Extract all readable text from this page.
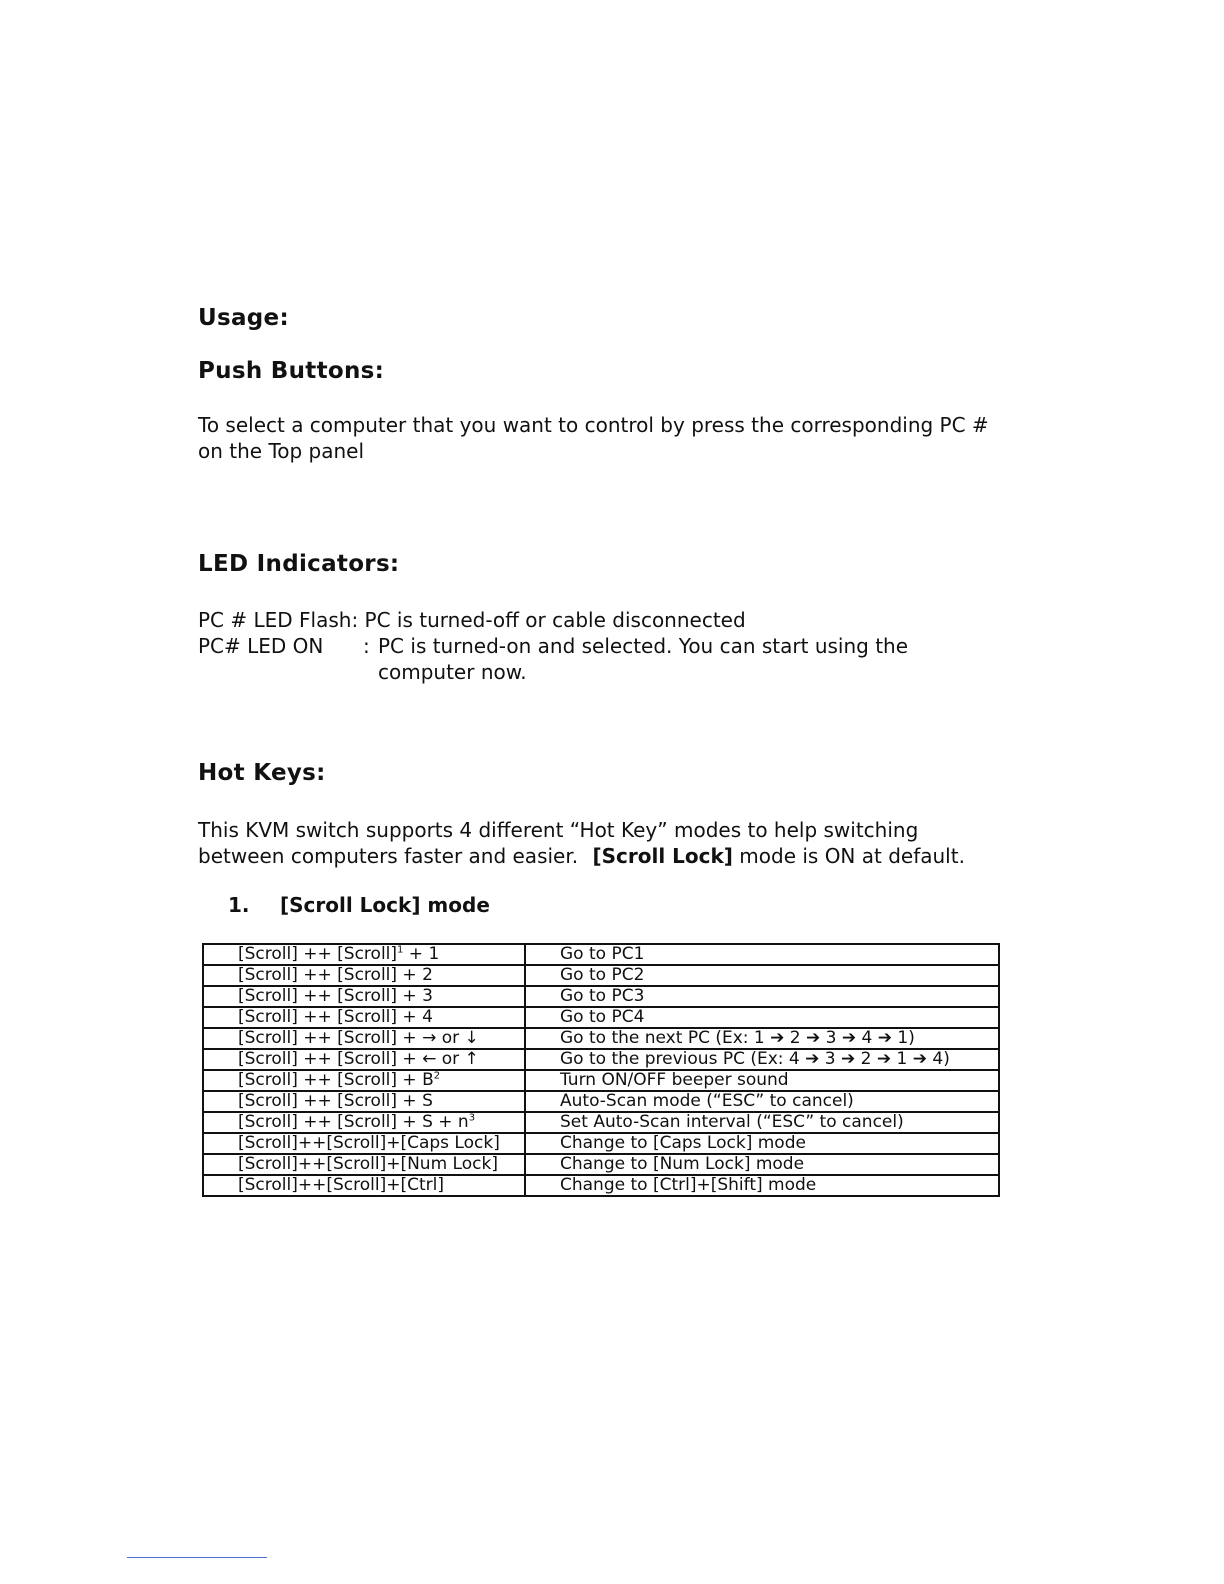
Usage:
Push Buttons:
To select a computer that you want to control by press the corresponding PC #
on the Top panel
LED Indicators:
PC # LED Flash: PC is turned-off or cable disconnected
PC# LED ON : PC is turned-on and selected. You can start using the
computer now.
Hot Keys:
This KVM switch supports 4 different “Hot Key” modes to help switching
between computers faster and easier. [Scroll Lock] mode is ON at default.
1. [Scroll Lock] mode
[Scroll] ++ [Scroll]$^1$ + 1	Go to PC1
[Scroll] ++ [Scroll] + 2	Go to PC2
[Scroll] ++ [Scroll] + 3	Go to PC3
[Scroll] ++ [Scroll] + 4	Go to PC4
[Scroll] ++ [Scroll] + → or ↓	Go to the next PC (Ex: 1 ➔ 2 ➔ 3 ➔ 4 ➔ 1)
[Scroll] ++ [Scroll] + ← or ↑	Go to the previous PC (Ex: 4 ➔ 3 ➔ 2 ➔ 1 ➔ 4)
[Scroll] ++ [Scroll] + $B^2$	Turn ON/OFF beeper sound
[Scroll] ++ [Scroll] + S	Auto-Scan mode (“ESC” to cancel)
[Scroll] ++ [Scroll] + $S + n^3$	Set Auto-Scan interval (“ESC” to cancel)
[Scroll]++[Scroll]+[Caps Lock]	Change to [Caps Lock] mode
[Scroll]++[Scroll]+[Num Lock]	Change to [Num Lock] mode
[Scroll]++[Scroll]+[Ctrl]	Change to [Ctrl]+[Shift] mode
